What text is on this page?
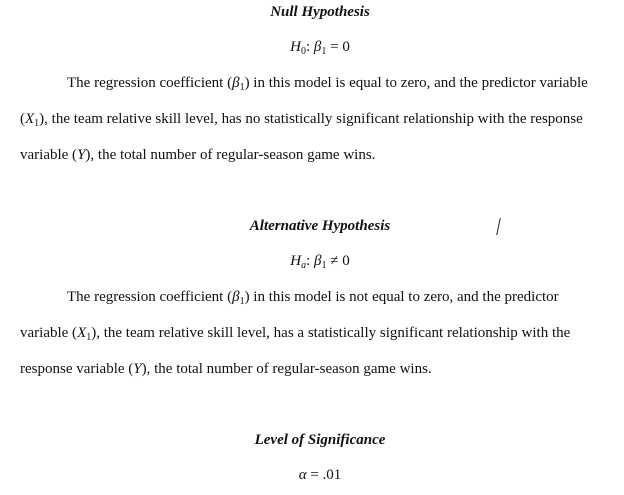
Null Hypothesis
$H_0$: $\beta_1 = 0$
The regression coefficient $(\beta_1)$ in this model is equal to zero, and the predictor variable
$(X_1)$, the team relative skill level, has no statistically significant relationship with the response
variable (Y), the total number of regular-season game wins.
Alternative Hypothesis
$H_a$: $\beta_1 \ne 0$
The regression coefficient $(\beta_1)$ in this model is not equal to zero, and the predictor
variable $(X_1)$, the team relative skill level, has a statistically significant relationship with the
response variable (Y), the total number of regular-season game wins.
Level of Significance
α = .01
